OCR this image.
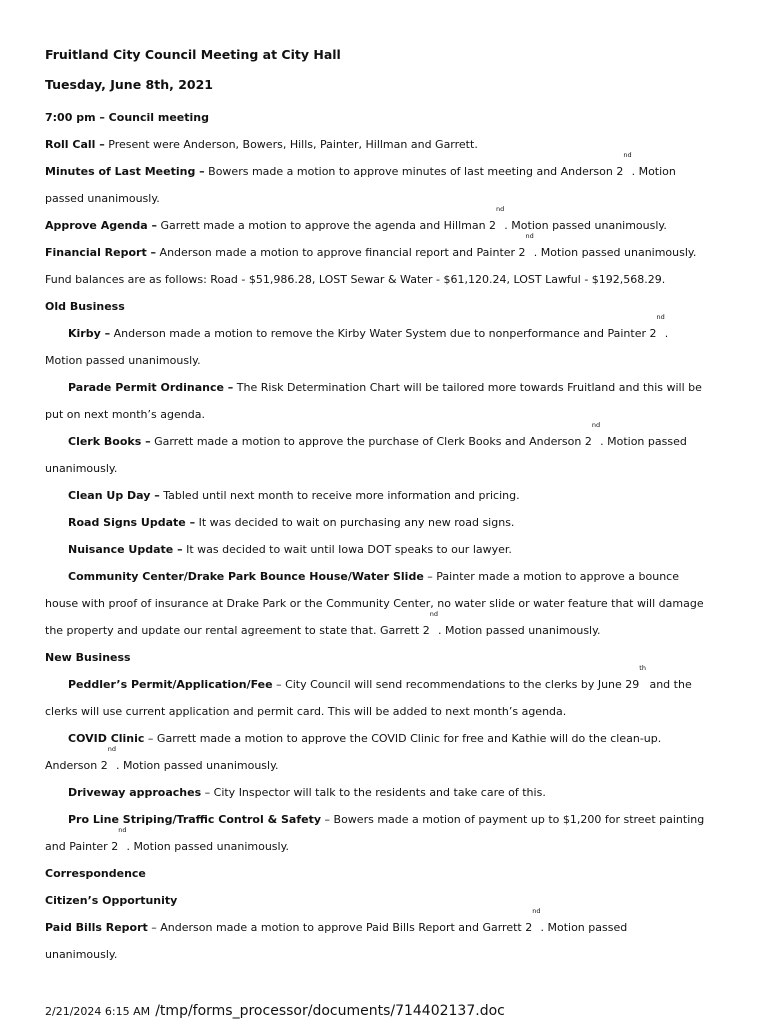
Fruitland City Council Meeting at City Hall
Tuesday, June 8th, 2021
7:00 pm – Council meeting
Roll Call – Present were Anderson, Bowers, Hills, Painter, Hillman and Garrett.
Minutes of Last Meeting – Bowers made a motion to approve minutes of last meeting and Anderson 2nd. Motion
passed unanimously.
Approve Agenda – Garrett made a motion to approve the agenda and Hillman 2nd. Motion passed unanimously.
Financial Report – Anderson made a motion to approve financial report and Painter 2nd. Motion passed unanimously.
Fund balances are as follows: Road - $51,986.28, LOST Sewar & Water - $61,120.24, LOST Lawful - $192,568.29.
Old Business
Kirby – Anderson made a motion to remove the Kirby Water System due to nonperformance and Painter 2nd.
Motion passed unanimously.
Parade Permit Ordinance – The Risk Determination Chart will be tailored more towards Fruitland and this will be
put on next month’s agenda.
Clerk Books – Garrett made a motion to approve the purchase of Clerk Books and Anderson 2nd. Motion passed
unanimously.
Clean Up Day – Tabled until next month to receive more information and pricing.
Road Signs Update – It was decided to wait on purchasing any new road signs.
Nuisance Update – It was decided to wait until Iowa DOT speaks to our lawyer.
Community Center/Drake Park Bounce House/Water Slide – Painter made a motion to approve a bounce
house with proof of insurance at Drake Park or the Community Center, no water slide or water feature that will damage
the property and update our rental agreement to state that. Garrett 2nd. Motion passed unanimously.
New Business
Peddler’s Permit/Application/Fee – City Council will send recommendations to the clerks by June 29th and the
clerks will use current application and permit card. This will be added to next month’s agenda.
COVID Clinic – Garrett made a motion to approve the COVID Clinic for free and Kathie will do the clean-up.
Anderson 2nd. Motion passed unanimously.
Driveway approaches – City Inspector will talk to the residents and take care of this.
Pro Line Striping/Traffic Control & Safety – Bowers made a motion of payment up to $1,200 for street painting
and Painter 2nd. Motion passed unanimously.
Correspondence
Citizen’s Opportunity
Paid Bills Report – Anderson made a motion to approve Paid Bills Report and Garrett 2nd. Motion passed
unanimously.
2/21/2024 6:15 AM /tmp/forms_processor/documents/714402137.doc
